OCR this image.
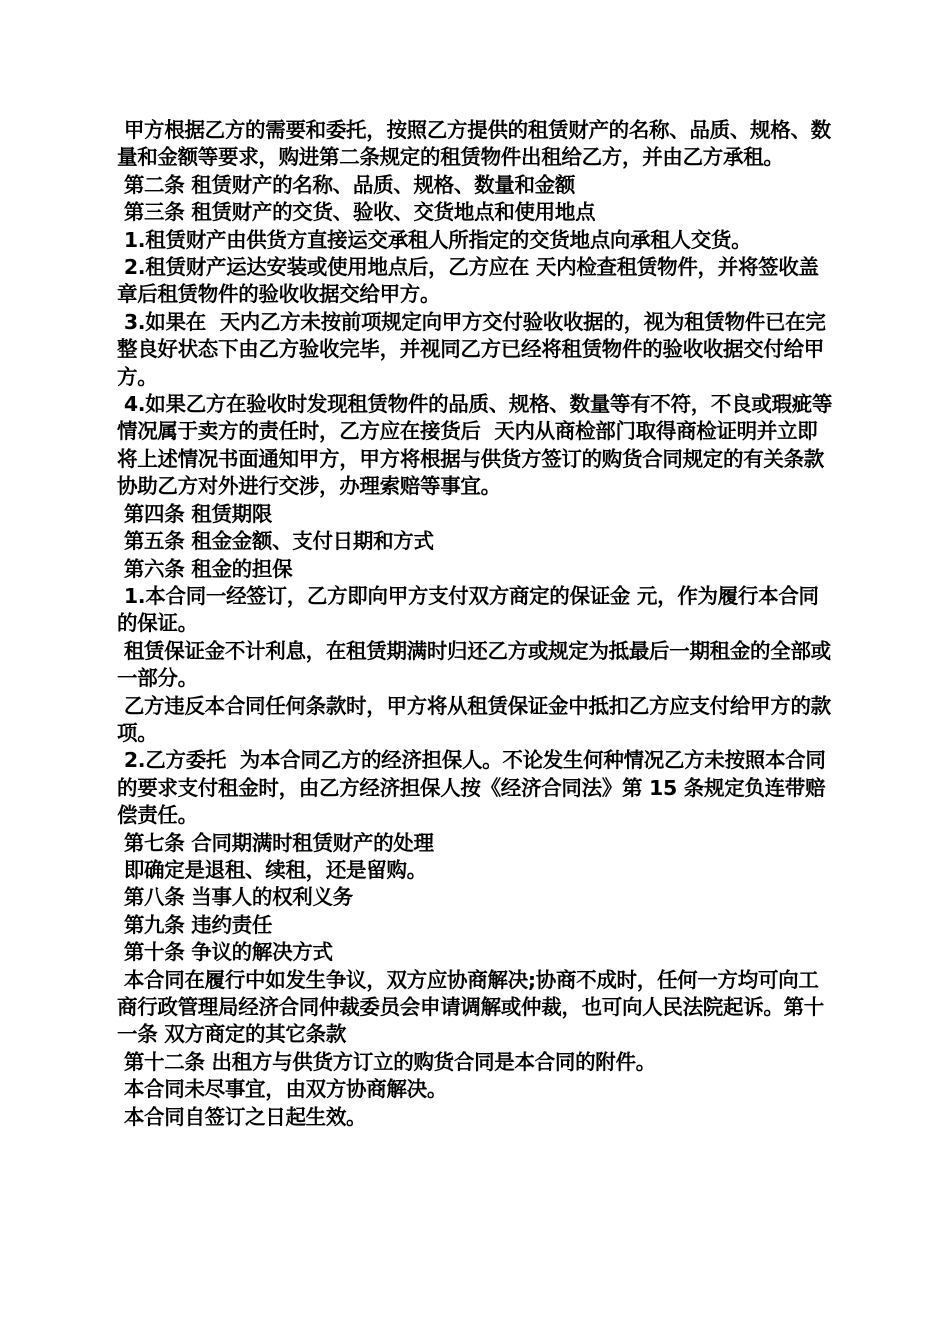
甲方根据乙方的需要和委托，按照乙方提供的租赁财产的名称、品质、规格、数量和金额等要求，购进第二条规定的租赁物件出租给乙方，并由乙方承租。

第二条 租赁财产的名称、品质、规格、数量和金额

第三条 租赁财产的交货、验收、交货地点和使用地点

1.租赁财产由供货方直接运交承租人所指定的交货地点向承租人交货。

2.租赁财产运达安装或使用地点后，乙方应在 天内检查租赁物件，并将签收盖章后租赁物件的验收收据交给甲方。

3.如果在  天内乙方未按前项规定向甲方交付验收收据的，视为租赁物件已在完整良好状态下由乙方验收完毕，并视同乙方已经将租赁物件的验收收据交付给甲方。

4.如果乙方在验收时发现租赁物件的品质、规格、数量等有不符，不良或瑕疵等情况属于卖方的责任时，乙方应在接货后  天内从商检部门取得商检证明并立即将上述情况书面通知甲方，甲方将根据与供货方签订的购货合同规定的有关条款协助乙方对外进行交涉，办理索赔等事宜。

第四条 租赁期限

第五条 租金金额、支付日期和方式

第六条 租金的担保

1.本合同一经签订，乙方即向甲方支付双方商定的保证金 元，作为履行本合同的保证。

租赁保证金不计利息，在租赁期满时归还乙方或规定为抵最后一期租金的全部或一部分。

乙方违反本合同任何条款时，甲方将从租赁保证金中抵扣乙方应支付给甲方的款项。

2.乙方委托  为本合同乙方的经济担保人。不论发生何种情况乙方未按照本合同的要求支付租金时，由乙方经济担保人按《经济合同法》第 15 条规定负连带赔偿责任。

第七条 合同期满时租赁财产的处理

即确定是退租、续租，还是留购。

第八条 当事人的权利义务

第九条 违约责任

第十条 争议的解决方式

本合同在履行中如发生争议，双方应协商解决;协商不成时，任何一方均可向工商行政管理局经济合同仲裁委员会申请调解或仲裁，也可向人民法院起诉。第十一条 双方商定的其它条款

第十二条 出租方与供货方订立的购货合同是本合同的附件。

本合同未尽事宜，由双方协商解决。

本合同自签订之日起生效。
